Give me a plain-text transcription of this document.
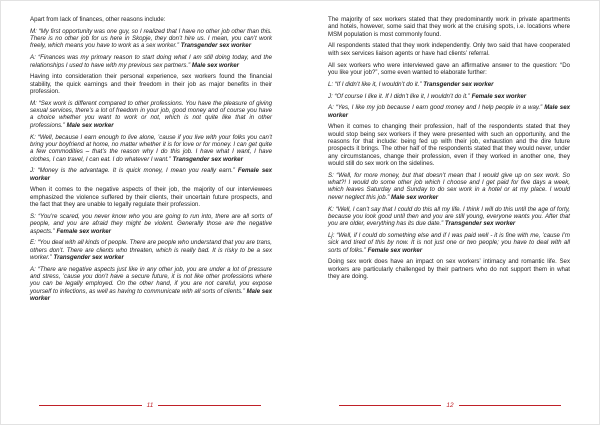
Apart from lack of finances, other reasons include:

M: “My first opportunity was one guy, so I realized that I have no other job other than this. There is no other job for us here in Skopje, they don’t hire us. I mean, you can’t work freely, which means you have to work as a sex worker.” Transgender sex worker

A: “Finances was my primary reason to start doing what I am still doing today, and the relationships I used to have with my previous sex partners.” Male sex worker

Having into consideration their personal experience, sex workers found the financial stability, the quick earnings and their freedom in their job as major benefits in their profession.

M: “Sex work is different compared to other professions. You have the pleasure of giving sexual services, there’s a lot of freedom in your job, good money and of course you have a choice whether you want to work or not, which is not quite like that in other professions.” Male sex worker

K: “Well, because I earn enough to live alone, ’cause if you live with your folks you can’t bring your boyfriend at home, no matter whether it is for love or for money. I can get quite a few commodities – that’s the reason why I do this job. I have what I want, I have clothes, I can travel, I can eat. I do whatever I want.” Transgender sex worker

J: “Money is the advantage. It is quick money, I mean you really earn.” Female sex worker

When it comes to the negative aspects of their job, the majority of our interviewees emphasized the violence suffered by their clients, their uncertain future prospects, and the fact that they are unable to legally regulate their profession.

S: “You’re scared, you never know who you are going to run into, there are all sorts of people, and you are afraid they might be violent. Generally those are the negative aspects.” Female sex worker

E: “You deal with all kinds of people. There are people who understand that you are trans, others don’t. There are clients who threaten, which is really bad. It is risky to be a sex worker.” Transgender sex worker

A: “There are negative aspects just like in any other job, you are under a lot of pressure and stress, ’cause you don’t have a secure future, it is not like other professions where you can be legally employed. On the other hand, if you are not careful, you expose yourself to infections, as well as having to communicate with all sorts of clients.” Male sex worker

11

The majority of sex workers stated that they predominantly work in private apartments and hotels, however, some said that they work at the cruising spots, i.e. locations where MSM population is most commonly found.

All respondents stated that they work independently. Only two said that have cooperated with sex services liaison agents or have had clients’ referral.

All sex workers who were interviewed gave an affirmative answer to the question: “Do you like your job?”, some even wanted to elaborate further:

L: “If I didn’t like it, I wouldn’t do it.” Transgender sex worker

J: “Of course I like it. If I didn’t like it, I wouldn’t do it.” Female sex worker

A: “Yes, I like my job because I earn good money and I help people in a way.” Male sex worker

When it comes to changing their profession, half of the respondents stated that they would stop being sex workers if they were presented with such an opportunity, and the reasons for that include: being fed up with their job, exhaustion and the dire future prospects it brings. The other half of the respondents stated that they would never, under any circumstances, change their profession, even if they worked in another one, they would still do sex work on the sidelines.

S: “Well, for more money, but that doesn’t mean that I would give up on sex work. So what?! I would do some other job which I choose and I get paid for five days a week, which leaves Saturday and Sunday to do sex work in a hotel or at my place. I would never neglect this job.” Male sex worker

K: “Well, I can’t say that I could do this all my life. I think I will do this until the age of forty, because you look good until then and you are still young, everyone wants you. After that you are older, everything has its due date.” Transgender sex worker

Lj: “Well, if I could do something else and if I was paid well - it is fine with me, ’cause I’m sick and tired of this by now. It is not just one or two people; you have to deal with all sorts of folks.” Female sex worker

Doing sex work does have an impact on sex workers’ intimacy and romantic life. Sex workers are particularly challenged by their partners who do not support them in what they are doing.

12
